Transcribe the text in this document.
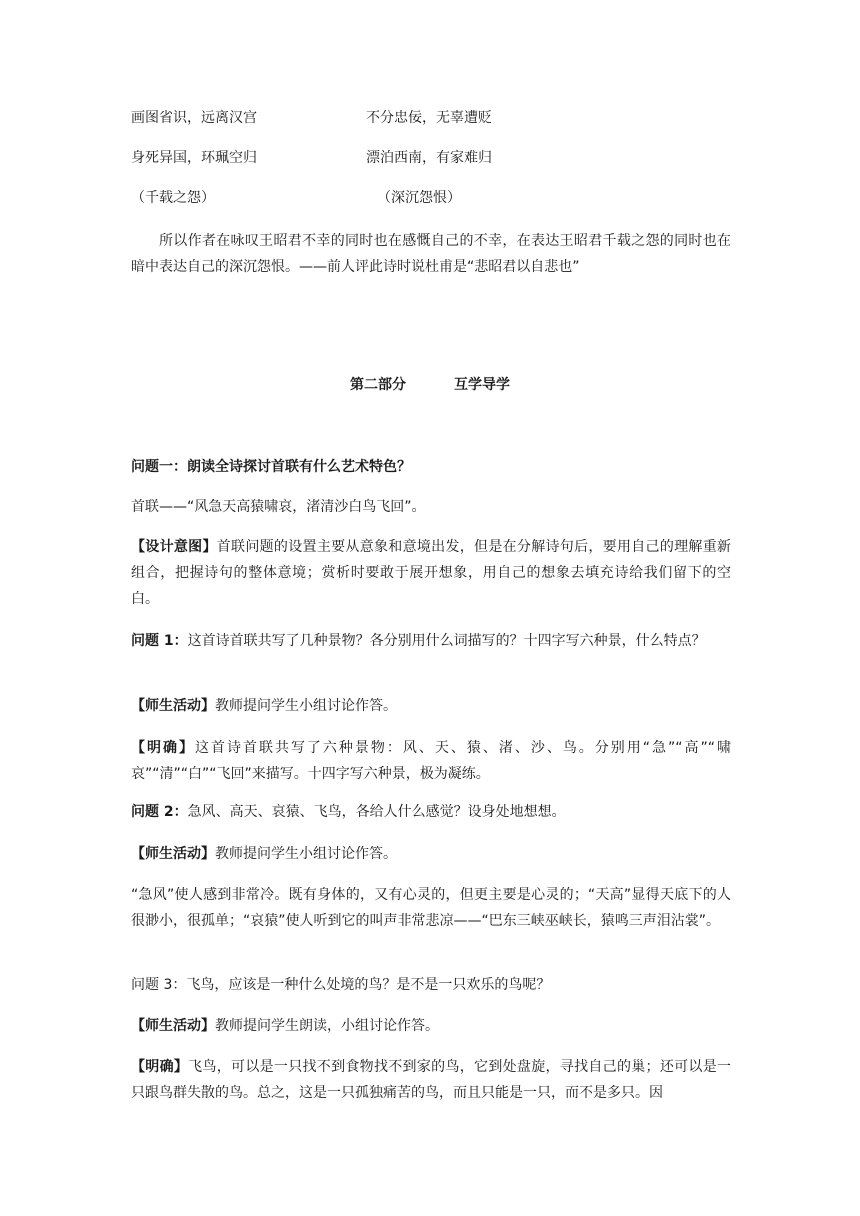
画图省识，远离汉宫	不分忠佞，无辜遭贬
身死异国，环珮空归	漂泊西南，有家难归
（千载之怨）	（深沉怨恨）
所以作者在咏叹王昭君不幸的同时也在感慨自己的不幸，在表达王昭君千载之怨的同时也在暗中表达自己的深沉怨恨。——前人评此诗时说杜甫是“悲昭君以自悲也”
第二部分	互学导学
问题一：朗读全诗探讨首联有什么艺术特色？
首联——“风急天高猿啸哀，渚清沙白鸟飞回”。
【设计意图】首联问题的设置主要从意象和意境出发，但是在分解诗句后，要用自己的理解重新组合，把握诗句的整体意境；赏析时要敢于展开想象，用自己的想象去填充诗给我们留下的空白。
问题 1：这首诗首联共写了几种景物？各分别用什么词描写的？十四字写六种景，什么特点？
【师生活动】教师提问学生小组讨论作答。
【明确】这首诗首联共写了六种景物：风、天、猿、渚、沙、鸟。分别用“急”“高”“啸哀”“清”“白”“飞回”来描写。十四字写六种景，极为凝练。
问题 2：急风、高天、哀猿、飞鸟，各给人什么感觉？设身处地想想。
【师生活动】教师提问学生小组讨论作答。
“急风”使人感到非常冷。既有身体的，又有心灵的，但更主要是心灵的；“天高”显得天底下的人很渺小，很孤单；“哀猿”使人听到它的叫声非常悲凉——“巴东三峡巫峡长，猿鸣三声泪沾裳”。
问题 3：飞鸟，应该是一种什么处境的鸟？是不是一只欢乐的鸟呢？
【师生活动】教师提问学生朗读，小组讨论作答。
【明确】飞鸟，可以是一只找不到食物找不到家的鸟，它到处盘旋，寻找自己的巢；还可以是一只跟鸟群失散的鸟。总之，这是一只孤独痛苦的鸟，而且只能是一只，而不是多只。因
